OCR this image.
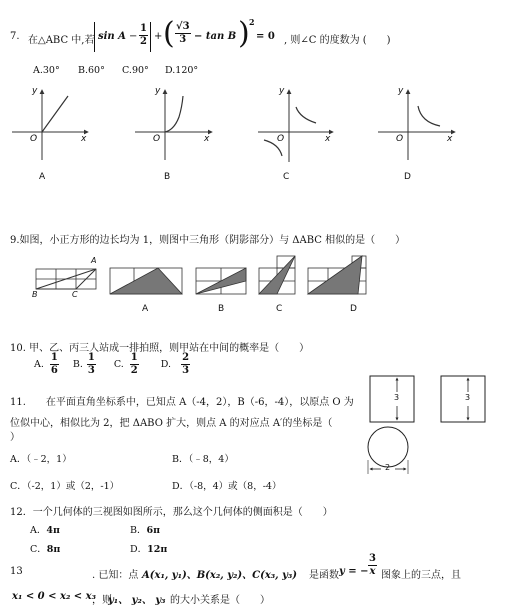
7. 在△ABC 中,若 $\sin A - \frac{1}{2}$ + ( $\frac{√3}{3} - \tan B$ ) 2
= 0 , 则∠C 的度数为 (　　)
A.30° B.60° C.90° D.120°
y
O	x
A
y
O	x
B
y
O	x
C
y
O	x
D
9.如图，小正方形的边长均为 1，则图中三角形（阴影部分）与 ΔABC 相似的是（　　）
A
B	C
A	B	C	D
10. 甲、乙、丙三人站成一排拍照，则甲站在中间的概率是（　　）
A. $\frac{1}{6} B$. $\frac{1}{3} C$. $\frac{1}{2} D$. $\frac{2}{3}$
11.　　在平面直角坐标系中，已知点 A（-4，2），B（-6，-4），以原点 O 为
位似中心，相似比为 2，把 ΔABO 扩大，则点 A 的对应点 A′的坐标是（
）
A．（﹣2，1）	B．（﹣8，4）
C．（-2，1）或（2，-1）	D．（-8，4）或（8，-4）
3	3
2
12．一个几何体的三视图如图所示，那么这个几何体的侧面积是（　　）
A．4π	B．6π
C．8π	D．12π
13	. 已知：点 A(x₁, y₁)、B(x₂, y₂)、C(x₃, y₃) 是函数 y = − $\frac{3}{x}$ 图象上的三点，且
x₁ < 0 < x₂ < x₃
，则
y₁、 y₂、 y₃ 的大小关系是（　　）
